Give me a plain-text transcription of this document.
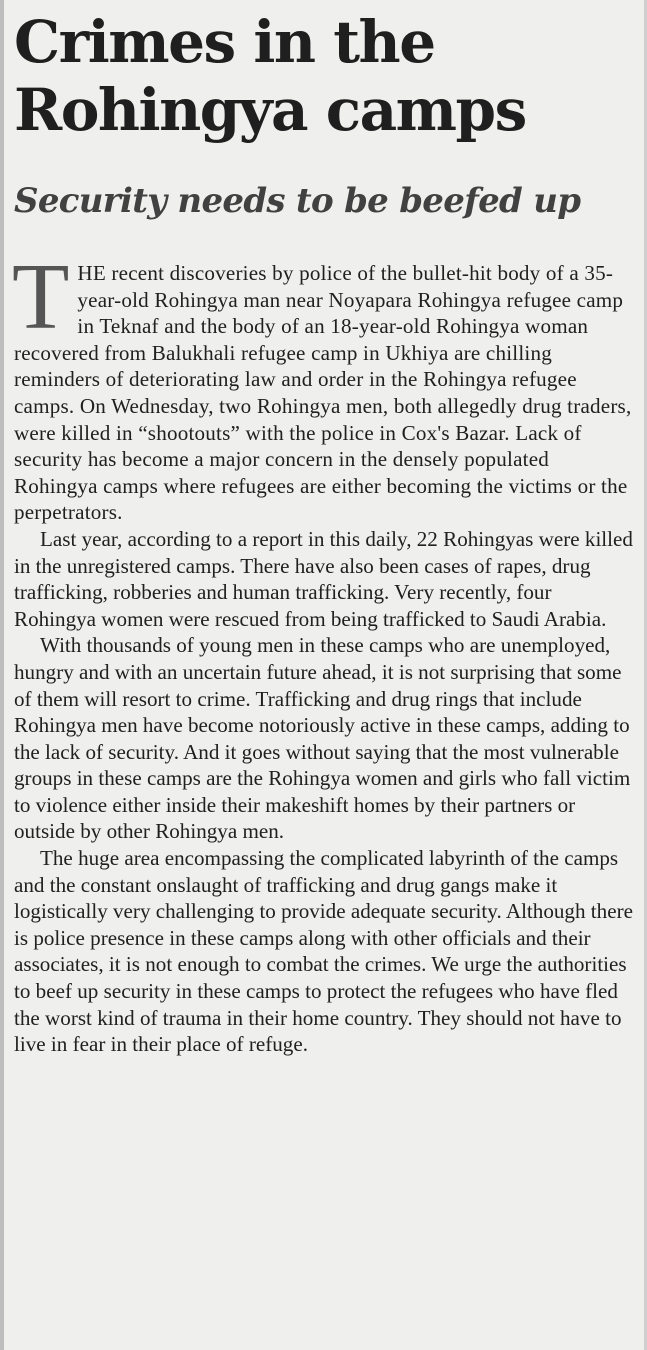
Crimes in the Rohingya camps
Security needs to be beefed up

THE recent discoveries by police of the bullet-hit body of a 35-year-old Rohingya man near Noyapara Rohingya refugee camp in Teknaf and the body of an 18-year-old Rohingya woman recovered from Balukhali refugee camp in Ukhiya are chilling reminders of deteriorating law and order in the Rohingya refugee camps. On Wednesday, two Rohingya men, both allegedly drug traders, were killed in “shootouts” with the police in Cox's Bazar. Lack of security has become a major concern in the densely populated Rohingya camps where refugees are either becoming the victims or the perpetrators.

Last year, according to a report in this daily, 22 Rohingyas were killed in the unregistered camps. There have also been cases of rapes, drug trafficking, robberies and human trafficking. Very recently, four Rohingya women were rescued from being trafficked to Saudi Arabia.

With thousands of young men in these camps who are unemployed, hungry and with an uncertain future ahead, it is not surprising that some of them will resort to crime. Trafficking and drug rings that include Rohingya men have become notoriously active in these camps, adding to the lack of security. And it goes without saying that the most vulnerable groups in these camps are the Rohingya women and girls who fall victim to violence either inside their makeshift homes by their partners or outside by other Rohingya men.

The huge area encompassing the complicated labyrinth of the camps and the constant onslaught of trafficking and drug gangs make it logistically very challenging to provide adequate security. Although there is police presence in these camps along with other officials and their associates, it is not enough to combat the crimes. We urge the authorities to beef up security in these camps to protect the refugees who have fled the worst kind of trauma in their home country. They should not have to live in fear in their place of refuge.
